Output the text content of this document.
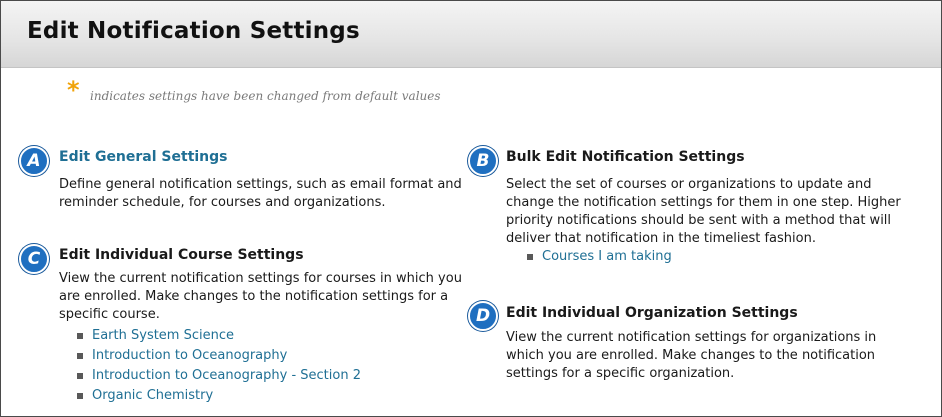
Edit Notification Settings
* indicates settings have been changed from default values
A	Edit General Settings
Define general notification settings, such as email format and reminder schedule, for courses and organizations.
C	Edit Individual Course Settings
View the current notification settings for courses in which you are enrolled. Make changes to the notification settings for a specific course.
Earth System Science
Introduction to Oceanography
Introduction to Oceanography - Section 2
Organic Chemistry
B	Bulk Edit Notification Settings
Select the set of courses or organizations to update and change the notification settings for them in one step. Higher priority notifications should be sent with a method that will deliver that notification in the timeliest fashion.
Courses I am taking
D	Edit Individual Organization Settings
View the current notification settings for organizations in which you are enrolled. Make changes to the notification settings for a specific organization.
